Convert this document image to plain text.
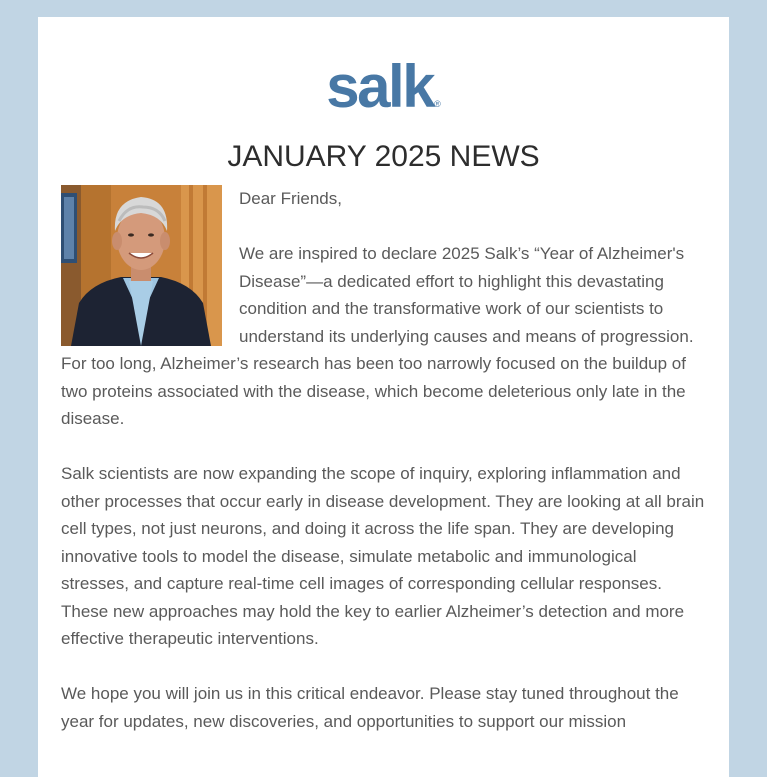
salk®
JANUARY 2025 NEWS

Dear Friends,

We are inspired to declare 2025 Salk’s “Year of Alzheimer's Disease”—a dedicated effort to highlight this devastating condition and the transformative work of our scientists to understand its underlying causes and means of progression. For too long, Alzheimer’s research has been too narrowly focused on the buildup of two proteins associated with the disease, which become deleterious only late in the disease.

Salk scientists are now expanding the scope of inquiry, exploring inflammation and other processes that occur early in disease development. They are looking at all brain cell types, not just neurons, and doing it across the life span. They are developing innovative tools to model the disease, simulate metabolic and immunological stresses, and capture real-time cell images of corresponding cellular responses. These new approaches may hold the key to earlier Alzheimer’s detection and more effective therapeutic interventions.

We hope you will join us in this critical endeavor. Please stay tuned throughout the year for updates, new discoveries, and opportunities to support our mission
